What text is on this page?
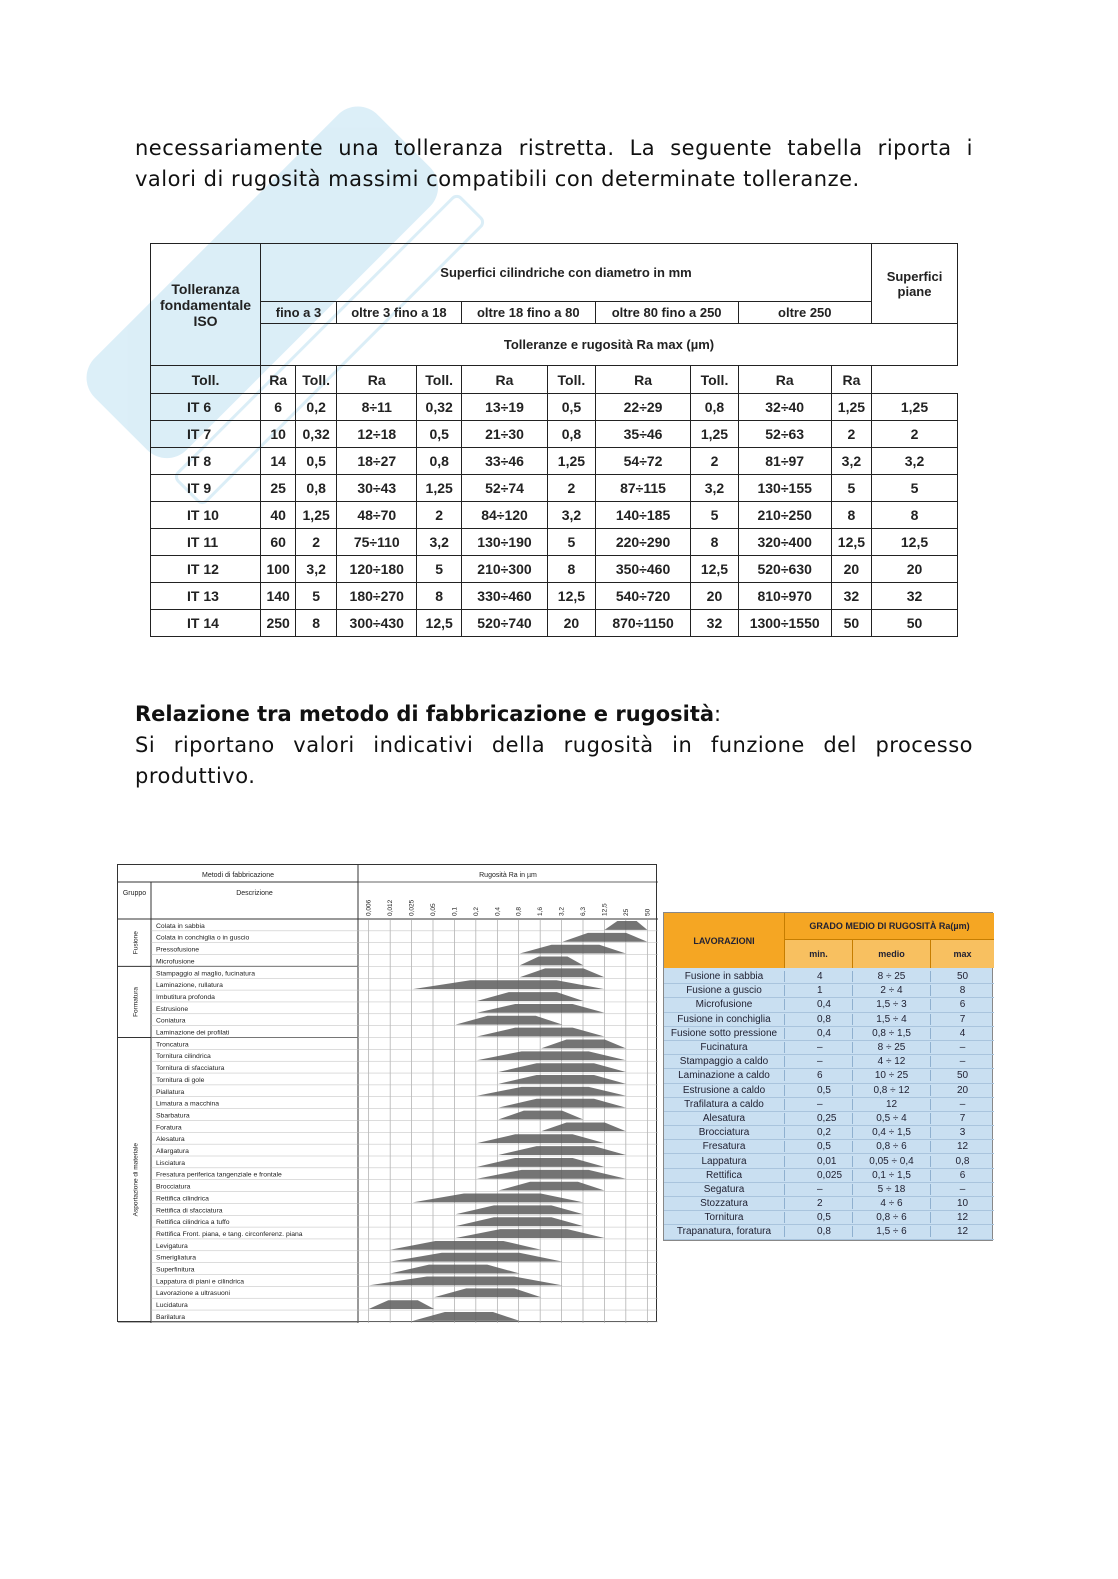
necessariamente una tolleranza ristretta. La seguente tabella riporta i valori di rugosità massimi compatibili con determinate tolleranze.

Tolleranza fondamentale ISO	Superfici cilindriche con diametro in mm										Superfici piane
	fino a 3		oltre 3 fino a 18		oltre 18 fino a 80		oltre 80 fino a 250		oltre 250		
	Tolleranze e rugosità Ra max (µm)										
Toll.	Ra	Toll.	Ra	Toll.	Ra	Toll.	Ra	Toll.	Ra	Ra	
IT 6	6	0,2	8÷11	0,32	13÷19	0,5	22÷29	0,8	32÷40	1,25	1,25
IT 7	10	0,32	12÷18	0,5	21÷30	0,8	35÷46	1,25	52÷63	2	2
IT 8	14	0,5	18÷27	0,8	33÷46	1,25	54÷72	2	81÷97	3,2	3,2
IT 9	25	0,8	30÷43	1,25	52÷74	2	87÷115	3,2	130÷155	5	5
IT 10	40	1,25	48÷70	2	84÷120	3,2	140÷185	5	210÷250	8	8
IT 11	60	2	75÷110	3,2	130÷190	5	220÷290	8	320÷400	12,5	12,5
IT 12	100	3,2	120÷180	5	210÷300	8	350÷460	12,5	520÷630	20	20
IT 13	140	5	180÷270	8	330÷460	12,5	540÷720	20	810÷970	32	32
IT 14	250	8	300÷430	12,5	520÷740	20	870÷1150	32	1300÷1550	50	50
Relazione tra metodo di fabbricazione e rugosità:

Si riportano valori indicativi della rugosità in funzione del processo produttivo.

Metodi di fabbricazione
Gruppo	Descrizione
Rugosità Ra in µm
0,006 0,012 0,025 0,05 0,1 0,2 0,4 0,8 1,6 3,2 6,3 12,5 25 50
Fusione
Formatura
Asportazione di materiale
Colata in sabbia
Colata in conchiglia o in guscio
Pressofusione
Microfusione
Stampaggio al maglio, fucinatura
Laminazione, rullatura
Imbutitura profonda
Estrusione
Coniatura
Laminazione dei profilati
Troncatura
Tornitura cilindrica
Tornitura di sfacciatura
Tornitura di gole
Piallatura
Limatura a macchina
Sbarbatura
Foratura
Alesatura
Allargatura
Lisciatura
Fresatura periferica tangenziale e frontale
Brocciatura
Rettifica cilindrica
Rettifica di sfacciatura
Rettifica cilindrica a tuffo
Rettifica Front. piana, e tang. circonferenz. piana
Levigatura
Smerigliatura
Superfinitura
Lappatura di piani e cilindrica
Lavorazione a ultrasuoni
Lucidatura
Barilatura
LAVORAZIONI
GRADO MEDIO DI RUGOSITÀ Ra(µm)
min.	medio	max
Fusione in sabbia	4	8 ÷ 25	50
Fusione a guscio	1	2 ÷ 4	8
Microfusione	0,4	1,5 ÷ 3	6
Fusione in conchiglia	0,8	1,5 ÷ 4	7
Fusione sotto pressione	0,4	0,8 ÷ 1,5	4
Fucinatura	–	8 ÷ 25	–
Stampaggio a caldo	–	4 ÷ 12	–
Laminazione a caldo	6	10 ÷ 25	50
Estrusione a caldo	0,5	0,8 ÷ 12	20
Trafilatura a caldo	–	12	–
Alesatura	0,25	0,5 ÷ 4	7
Brocciatura	0,2	0,4 ÷ 1,5	3
Fresatura	0,5	0,8 ÷ 6	12
Lappatura	0,01	0,05 ÷ 0,4	0,8
Rettifica	0,025	0,1 ÷ 1,5	6
Segatura	–	5 ÷ 18	–
Stozzatura	2	4 ÷ 6	10
Tornitura	0,5	0,8 ÷ 6	12
Trapanatura, foratura	0,8	1,5 ÷ 6	12
